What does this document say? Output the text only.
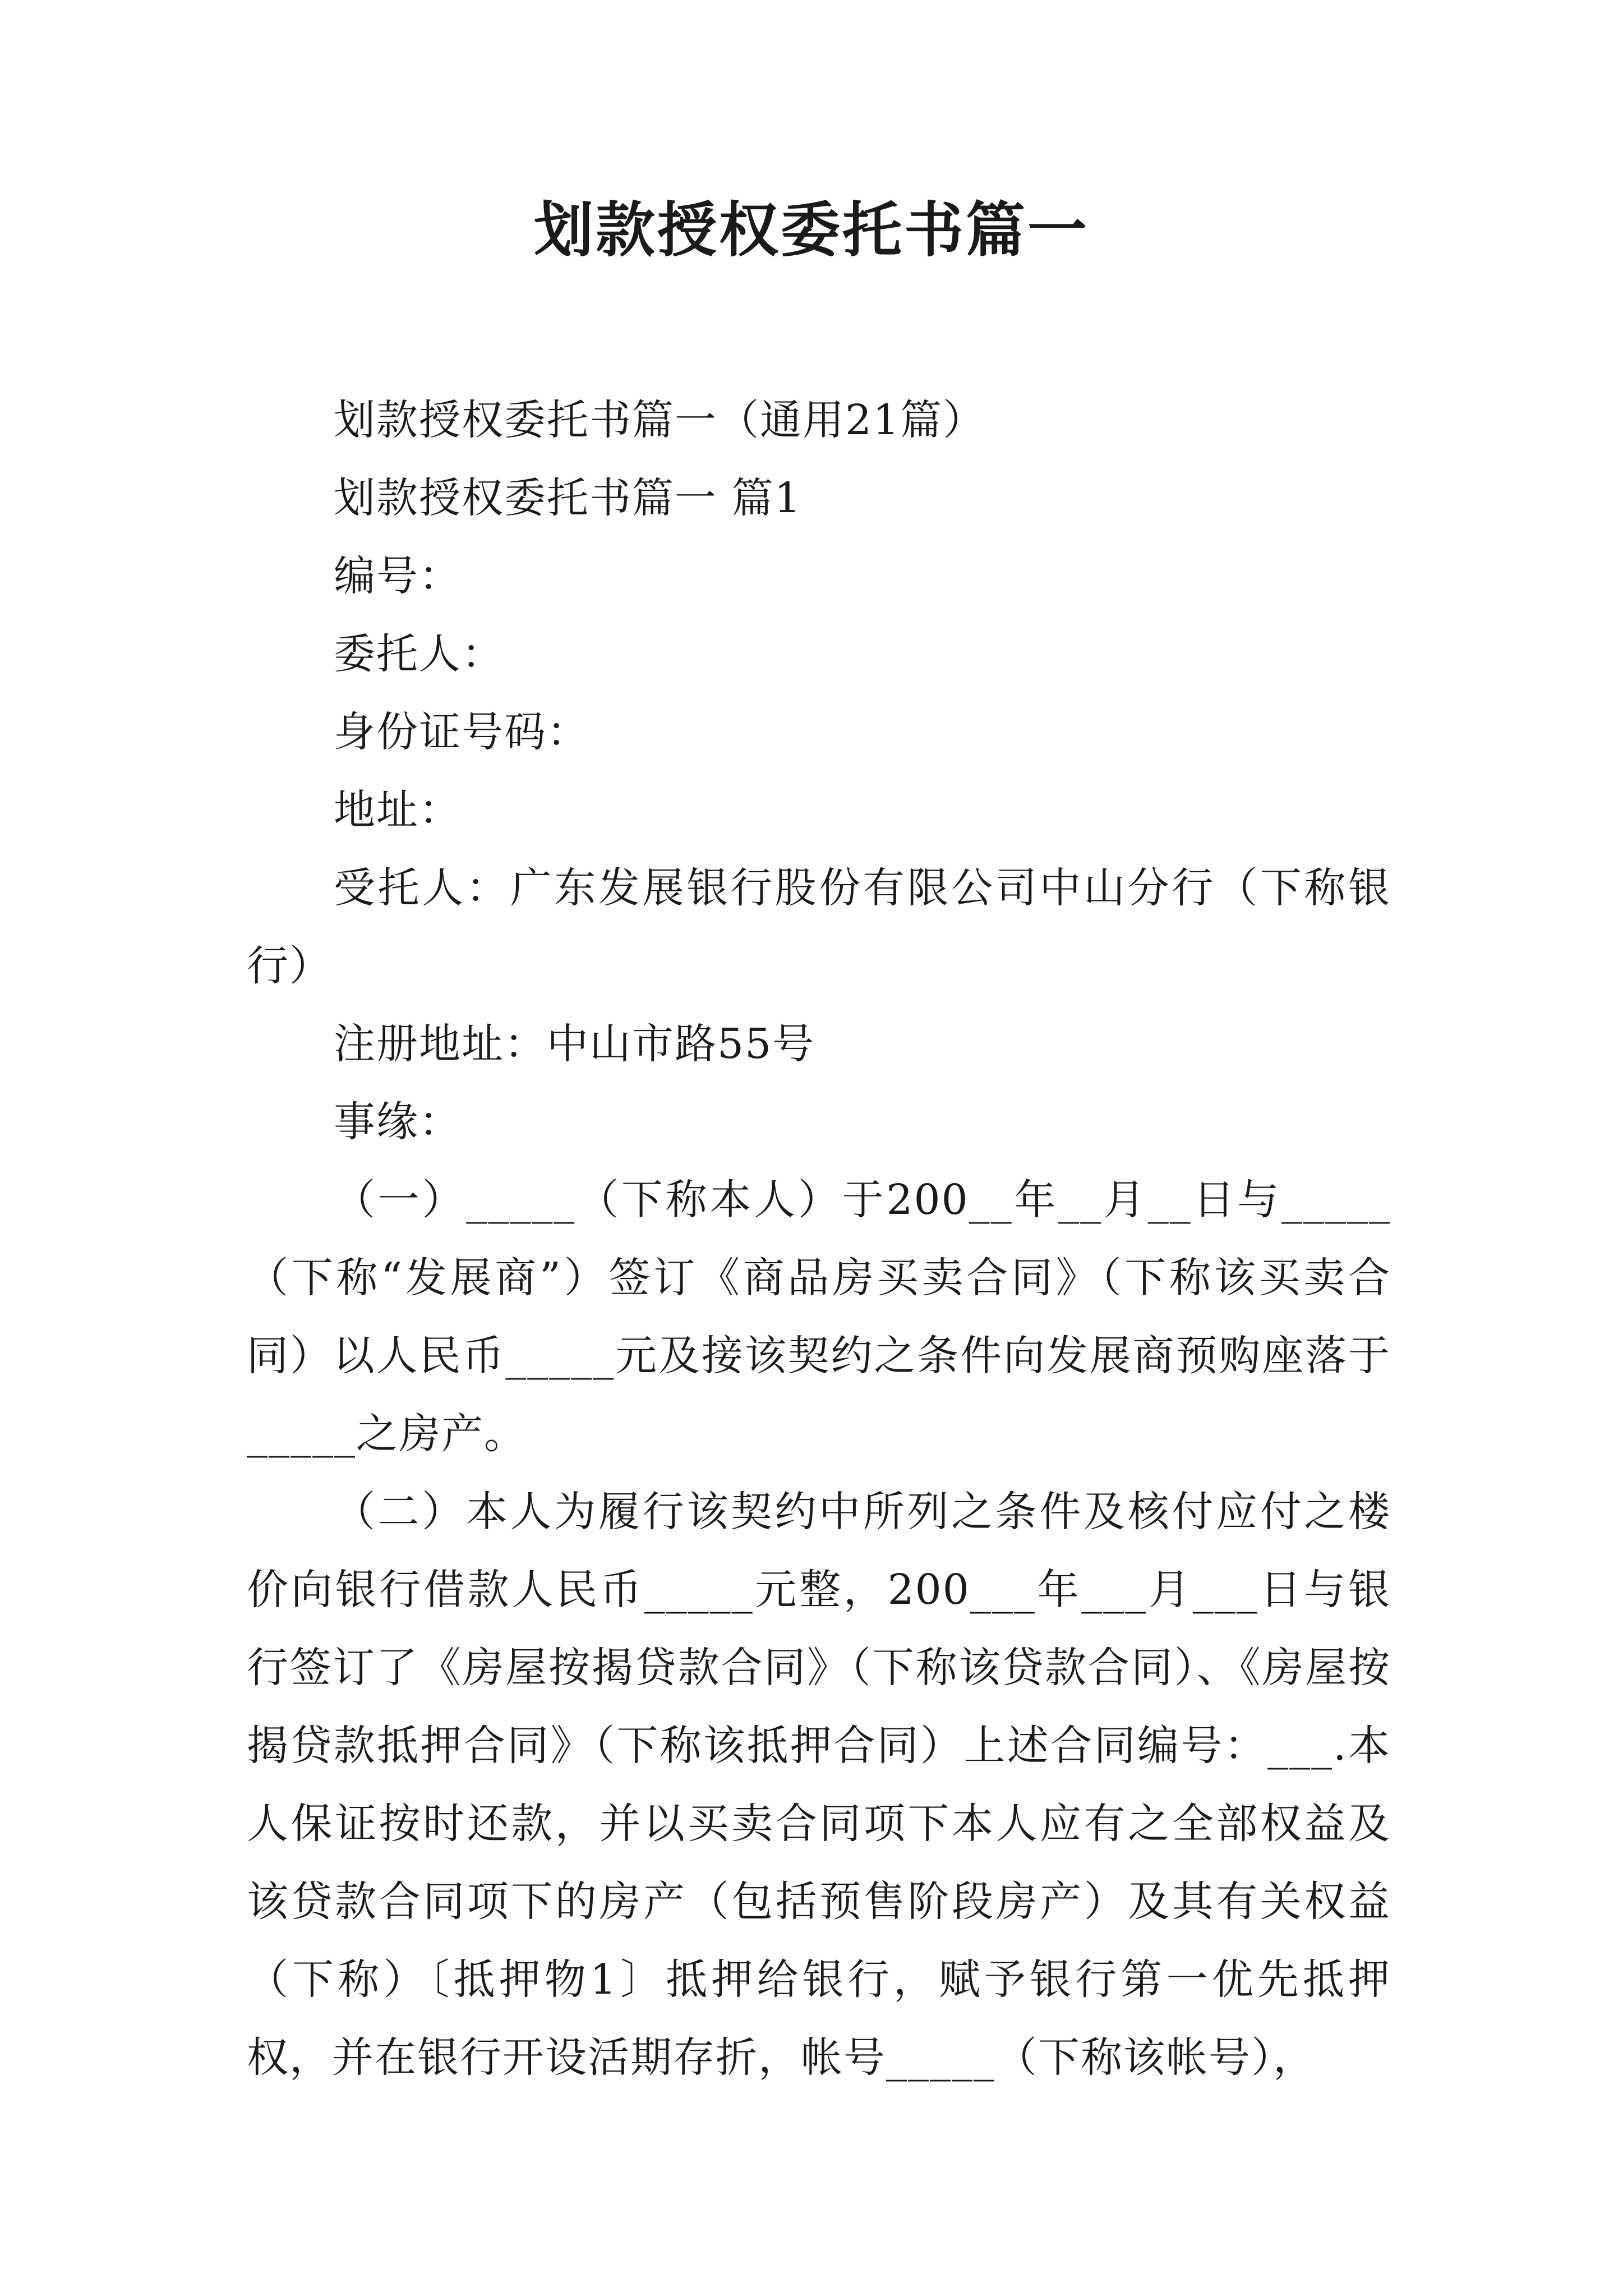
划款授权委托书篇一

划款授权委托书篇一（通用21篇）

划款授权委托书篇一 篇1

编号：

委托人：

身份证号码：

地址：

受托人：广东发展银行股份有限公司中山分行（下称银行）

注册地址：中山市路55号

事缘：

（一）_____（下称本人）于200__年__月__日与_____（下称“发展商”）签订《商品房买卖合同》（下称该买卖合同）以人民币_____元及接该契约之条件向发展商预购座落于_____之房产。

（二）本人为履行该契约中所列之条件及核付应付之楼价向银行借款人民币_____元整，200___年___月___日与银行签订了《房屋按揭贷款合同》（下称该贷款合同）、《房屋按揭贷款抵押合同》（下称该抵押合同）上述合同编号：___.本人保证按时还款，并以买卖合同项下本人应有之全部权益及该贷款合同项下的房产（包括预售阶段房产）及其有关权益（下称）〔抵押物1〕抵押给银行，赋予银行第一优先抵押权，并在银行开设活期存折，帐号_____（下称该帐号），
